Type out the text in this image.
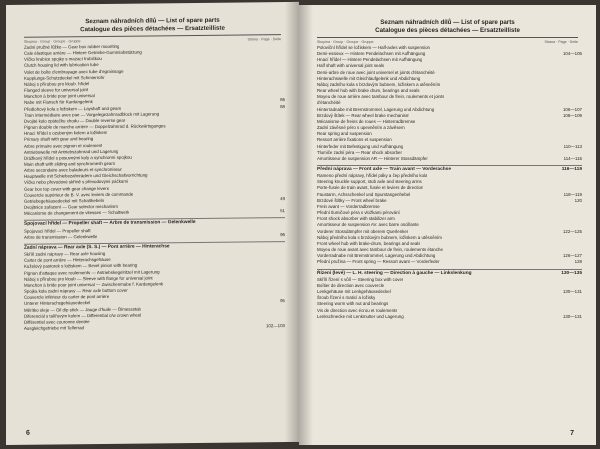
Seznam náhradních dílů — List of spare parts
Catalogue des pièces détachées — Ersatzteilliste
Skupina · Group · Groupe · Gruppe	Strana · Page · Seite
Zadní pružné lůžko — Gear box rubber mounting
Cale élastique arrière — Hintere Getriebe-Gummiabstützung
Víčko krabice spojky s mazací trubičkou
Clutch housing lid with lubrication tube
Volet de boîte d'embrayage avec tube d'egraissage
Kupplungs-Schutzdeckel mit Schmierrohr
Náboj s přírubou pro kloub. hřídel
Flanged sleeve for universal joint
Manchon à bride pour joint universal
Nabe mit Flansch für Kardangelenk	86
Předlohový kola s ložiskem — Layshaft and gears	88
Train intermédiaire avec pae — Vorgelegezahnradblock mit Lagerung
Dvojité kolo zpátečku chodu — Double reverse gear
Pignon double de marche arrière — Doppelzahnrad d. Rückwärtsganges
Hnací hřídel s ozubeným kolem a ložiskem
Primary shaft with gear and bearing
Arbre primaire avec pignon et roulement
Antriebswelle mit Antriebszahnrad und Lagerung
Drážkový hřídel s posuvnými koly a synchronní spojkou
Main shaft with sliding and synchromesh gears
Arbre secondaire avec baladeurs et synchroniseur
Hauptwelle mit Schiebezahnrädern und Gleichschaltvorrichtung
Víčko nebo převodové skříně s převodovými páčkami
Gear box top cover with gear change levers
Couvercle supérieur de B. V. avec leviers de commande
Getriebegehäusedeckel mit Schalthebeln	49
Dvojitnice zařazení — Gear selector mechanism
Mécanisme de changement de vitesses — Schaltwerk	51
Spojovací hřídel — Propeller shaft — Arbre de transmission — Gelenkwelle
Spojovací hřídel — Propeller shaft
Arbre de transmission — Gelenkwelle	96
Zadní náprava — Rear axle (S. S.) — Pont arrière — Hinterachse
Skříň zadní nápravy — Rear axle housing
Carter de pont arrière — Hinterachsgehäuse
Kuželový pastorek s ložiskem — Bevel pinion with bearing
Pignon d'attaque avec roulements — Antriebskegelritzel mit Lagerung
Náboj s přírubou pro kloub — Sleeve with flange for universal joint
Manchon à bride pour joint universal — Zwischenmabe f. Kardangelenk
Spojka kola zadní nápravy — Rear axle bottom cover
Couvercle inférieur du carter de pont arrière
Unterer Hinterachsgehäusedeckel	95
Měrítko oleje — Oil dip stick — Jauge d'huile — Ölmessstab
Diferenciál s talířovým kolem — Differential c/w crown wheel
Différentiel avec couronne dentée
Ausgleichgetriebe mit Tellerrad	102—103
6
Seznam náhradních dílů — List of spare parts
Catalogue des pièces détachées — Ersatzteilliste
Skupina · Group · Groupe · Gruppe	Strana · Page · Seite
Poloviční hřídel se ložiskem — Half-axles with suspension
Demi-essieux — Hintere Pendelachsen mit Aufhängung	104—105
Hnací hřídel — Hintere Pendelachsen mit Aufhängung
Half shaft with universal joint seals
Demi-arbre de roue avec joint universel et joints d'étanchéité
Hinterachswelle mit Gleichlaufgelenk und Abdichtung
Náboj zadního kola s brzdovým bubnem, ložiskem a utěsněním
Rear wheel hub with brake drum, bearings and seals
Moyeu de roue arrière avec tambour de frein, roulements et joints
d'étanchéité
Hinterradnabe mit Bremstrommel, Lagerung und Abdichtung	106—107
Brzdový štítek — Rear wheel brake mechanism	108—109
Mécanisme de freins de roues — Hinterradbremse
Zadní závěsné péro s upevněním a závěsem
Rear spring and suspension
Ressort arrière fixations et suspension
Hinterfeder mit Befestigung und Aufhängung	110—113
Tlumiče zadní péra — Rear shock absorber
Amortisseur de suspension AR — Hinterer Stossdämpfer	114—115
Přední náprava — Front axle — Train avant — Vorderachse	116—119
Rameno přední nápravy, hřídel páky a čep předního kola
Steering knuckle support, stub axle and steering arms
Porte-fusée de train avant, fusée et leviers de direction
Faustarm, Achsschenkel und Spurstangenhebel	118—119
Brzdové štítky — Front wheel brake	120
Frein avant — Vorderradbremse
Přední tlumičové péra s vložkami pérování
Front shock absorber with stabilizer arm
Amortisseur de suspension AV. avec barre oscillante
Vorderer Stossdämpfer mit oberem Querlenker	122—125
Náboj předního kola s brzdovým bubnem, ložiskem a utěsněním
Front wheel hub with brake-drum, bearings and seals
Moyeu de roue avant avec tambour de frein, roulements étanche
Vorderradnabe mit Bremstrommel, Lagerung und Abdichtung	126—127
Přední pružina — Front spring — Ressort avant — Vorderfeder	128
Řízení (levé) — L. H. steering — Direction à gauche — Linkslenkung	130—135
Skříň řízení s vůlí — Steering box with cover
Boîtier de direction avec couvercle
Lenkgehäuse mit Lenkgehäusedeckel	130—131
Šroub řízení s maticí a ložisky
Steering worm with nut and bearings
Vis de direction avec écrou et roulements
Lenkschnecke mit Lenkmutter und Lagerung	130—131
7
